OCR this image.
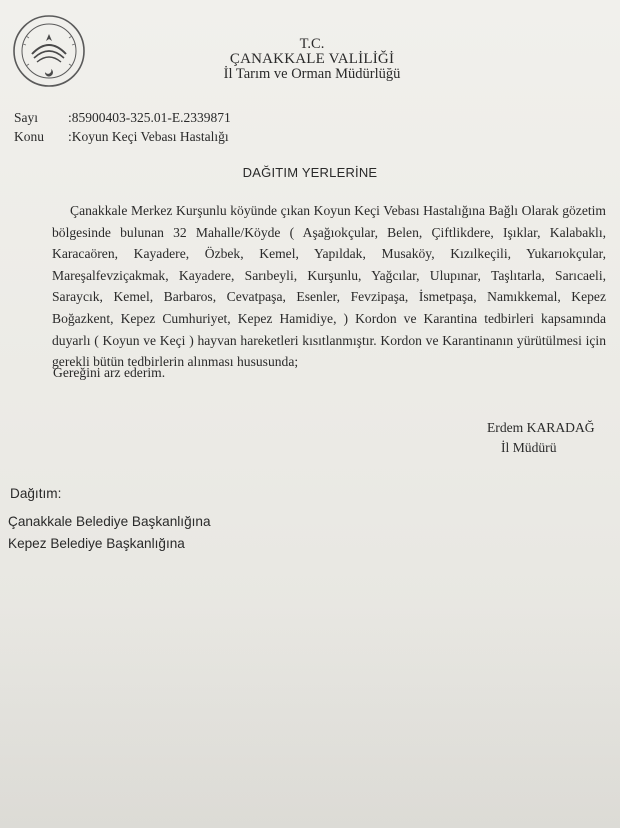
T.C.
ÇANAKKALE VALİLİĞİ
İl Tarım ve Orman Müdürlüğü
Sayı :85900403-325.01-E.2339871
Konu :Koyun Keçi Vebası Hastalığı
DAĞITIM YERLERİNE

Çanakkale Merkez Kurşunlu köyünde çıkan Koyun Keçi Vebası Hastalığına Bağlı Olarak gözetim bölgesinde bulunan 32 Mahalle/Köyde ( Aşağıokçular, Belen, Çiftlikdere, Işıklar, Kalabaklı, Karacaören, Kayadere, Özbek, Kemel, Yapıldak, Musaköy, Kızılkeçili, Yukarıokçular, Mareşalfevziçakmak, Kayadere, Sarıbeyli, Kurşunlu, Yağcılar, Ulupınar, Taşlıtarla, Sarıcaeli, Saraycık, Kemel, Barbaros, Cevatpaşa, Esenler, Fevzipaşa, İsmetpaşa, Namıkkemal, Kepez Boğazkent, Kepez Cumhuriyet, Kepez Hamidiye, ) Kordon ve Karantina tedbirleri kapsamında duyarlı ( Koyun ve Keçi ) hayvan hareketleri kısıtlanmıştır. Kordon ve Karantinanın yürütülmesi için gerekli bütün tedbirlerin alınması hususunda;

Gereğini arz ederim.
Erdem KARADAĞ
İl Müdürü
Dağıtım:
Çanakkale Belediye Başkanlığına
Kepez Belediye Başkanlığına
